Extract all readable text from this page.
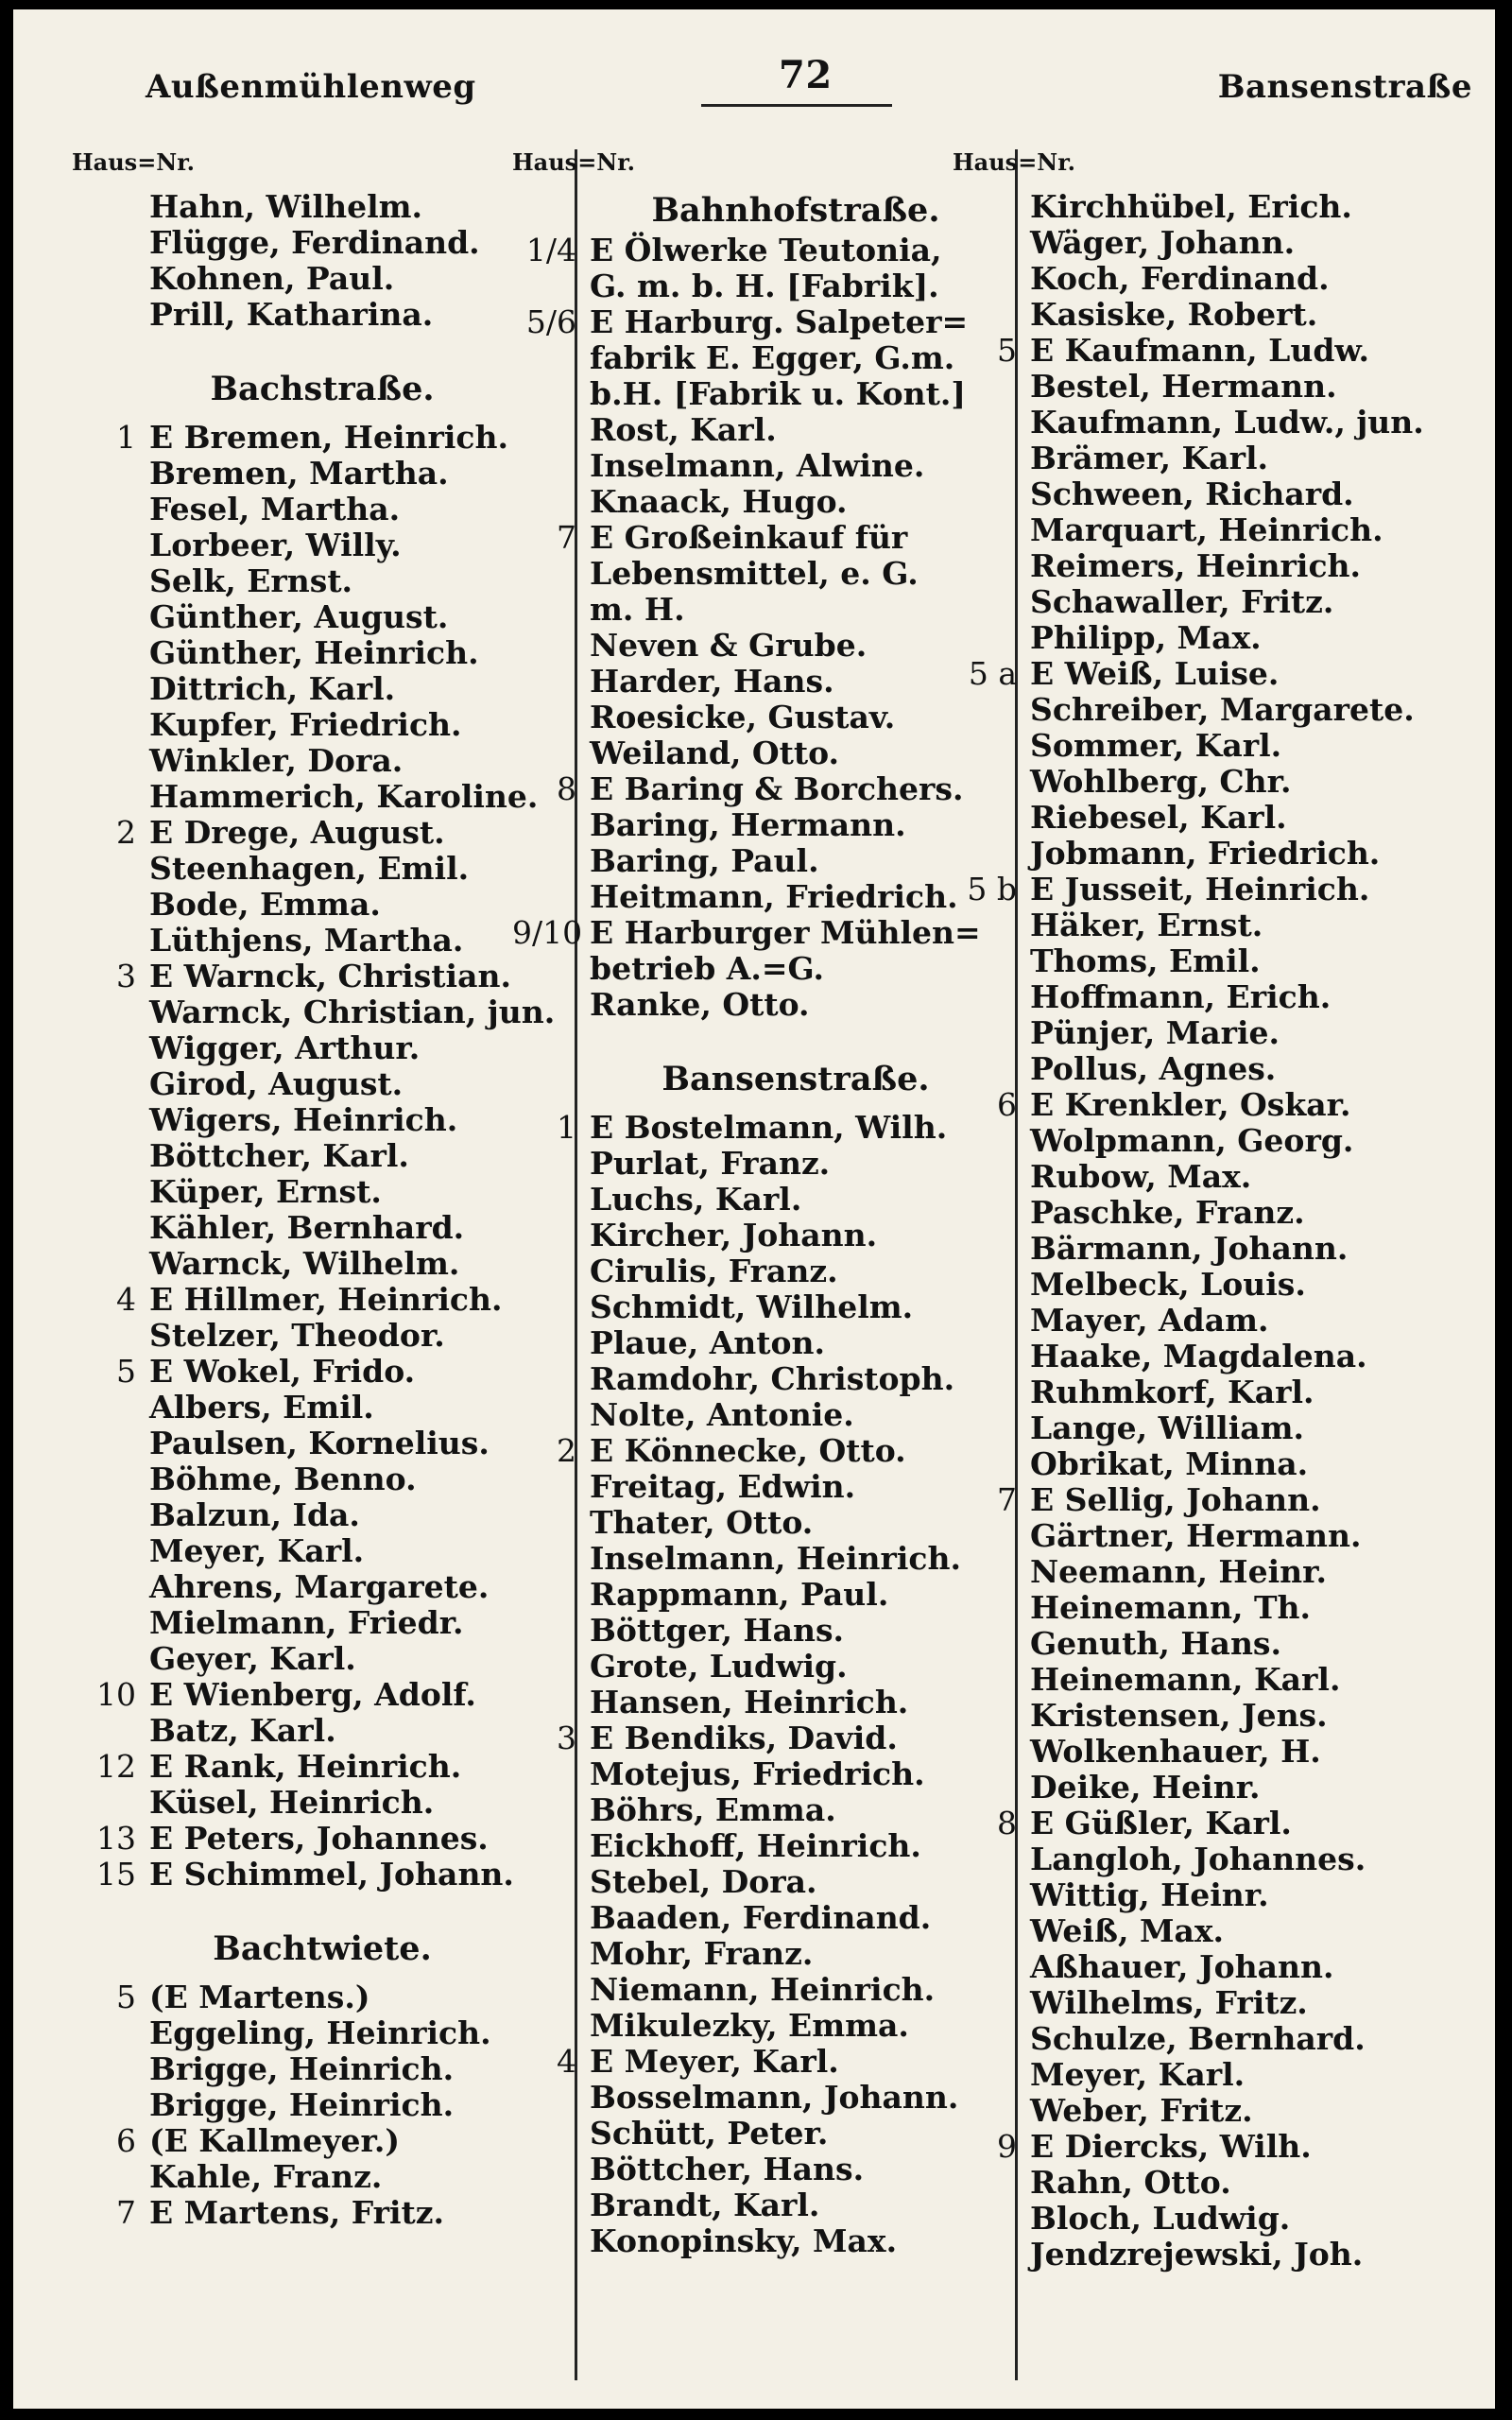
Außenmühlenweg	72	Bansenstraße
Haus=Nr.
Hahn, Wilhelm.
Flügge, Ferdinand.
Kohnen, Paul.
Prill, Katharina.
Bachstraße.
1 E Bremen, Heinrich.
Bremen, Martha.
Fesel, Martha.
Lorbeer, Willy.
Selk, Ernst.
Günther, August.
Günther, Heinrich.
Dittrich, Karl.
Kupfer, Friedrich.
Winkler, Dora.
Hammerich, Karoline.
2 E Drege, August.
Steenhagen, Emil.
Bode, Emma.
Lüthjens, Martha.
3 E Warnck, Christian.
Warnck, Christian, jun.
Wigger, Arthur.
Girod, August.
Wigers, Heinrich.
Böttcher, Karl.
Küper, Ernst.
Kähler, Bernhard.
Warnck, Wilhelm.
4 E Hillmer, Heinrich.
Stelzer, Theodor.
5 E Wokel, Frido.
Albers, Emil.
Paulsen, Kornelius.
Böhme, Benno.
Balzun, Ida.
Meyer, Karl.
Ahrens, Margarete.
Mielmann, Friedr.
Geyer, Karl.
10 E Wienberg, Adolf.
Batz, Karl.
12 E Rank, Heinrich.
Küsel, Heinrich.
13 E Peters, Johannes.
15 E Schimmel, Johann.
Bachtwiete.
5 (E Martens.)
Eggeling, Heinrich.
Brigge, Heinrich.
Brigge, Heinrich.
6 (E Kallmeyer.)
Kahle, Franz.
7 E Martens, Fritz.
Haus=Nr.
Bahnhofstraße.
1/4 E Ölwerke Teutonia,
G. m. b. H. [Fabrik].
5/6 E Harburg. Salpeter=
fabrik E. Egger, G.m.
b.H. [Fabrik u. Kont.]
Rost, Karl.
Inselmann, Alwine.
Knaack, Hugo.
7 E Großeinkauf für
Lebensmittel, e. G.
m. H.
Neven & Grube.
Harder, Hans.
Roesicke, Gustav.
Weiland, Otto.
8 E Baring & Borchers.
Baring, Hermann.
Baring, Paul.
Heitmann, Friedrich.
9/10 E Harburger Mühlen=
betrieb A.=G.
Ranke, Otto.
Bansenstraße.
1 E Bostelmann, Wilh.
Purlat, Franz.
Luchs, Karl.
Kircher, Johann.
Cirulis, Franz.
Schmidt, Wilhelm.
Plaue, Anton.
Ramdohr, Christoph.
Nolte, Antonie.
2 E Könnecke, Otto.
Freitag, Edwin.
Thater, Otto.
Inselmann, Heinrich.
Rappmann, Paul.
Böttger, Hans.
Grote, Ludwig.
Hansen, Heinrich.
3 E Bendiks, David.
Motejus, Friedrich.
Böhrs, Emma.
Eickhoff, Heinrich.
Stebel, Dora.
Baaden, Ferdinand.
Mohr, Franz.
Niemann, Heinrich.
Mikulezky, Emma.
4 E Meyer, Karl.
Bosselmann, Johann.
Schütt, Peter.
Böttcher, Hans.
Brandt, Karl.
Konopinsky, Max.
Haus=Nr.
Kirchhübel, Erich.
Wäger, Johann.
Koch, Ferdinand.
Kasiske, Robert.
5 E Kaufmann, Ludw.
Bestel, Hermann.
Kaufmann, Ludw., jun.
Brämer, Karl.
Schween, Richard.
Marquart, Heinrich.
Reimers, Heinrich.
Schawaller, Fritz.
Philipp, Max.
5 a E Weiß, Luise.
Schreiber, Margarete.
Sommer, Karl.
Wohlberg, Chr.
Riebesel, Karl.
Jobmann, Friedrich.
5 b E Jusseit, Heinrich.
Häker, Ernst.
Thoms, Emil.
Hoffmann, Erich.
Pünjer, Marie.
Pollus, Agnes.
6 E Krenkler, Oskar.
Wolpmann, Georg.
Rubow, Max.
Paschke, Franz.
Bärmann, Johann.
Melbeck, Louis.
Mayer, Adam.
Haake, Magdalena.
Ruhmkorf, Karl.
Lange, William.
Obrikat, Minna.
7 E Sellig, Johann.
Gärtner, Hermann.
Neemann, Heinr.
Heinemann, Th.
Genuth, Hans.
Heinemann, Karl.
Kristensen, Jens.
Wolkenhauer, H.
Deike, Heinr.
8 E Güßler, Karl.
Langloh, Johannes.
Wittig, Heinr.
Weiß, Max.
Aßhauer, Johann.
Wilhelms, Fritz.
Schulze, Bernhard.
Meyer, Karl.
Weber, Fritz.
9 E Diercks, Wilh.
Rahn, Otto.
Bloch, Ludwig.
Jendzrejewski, Joh.
